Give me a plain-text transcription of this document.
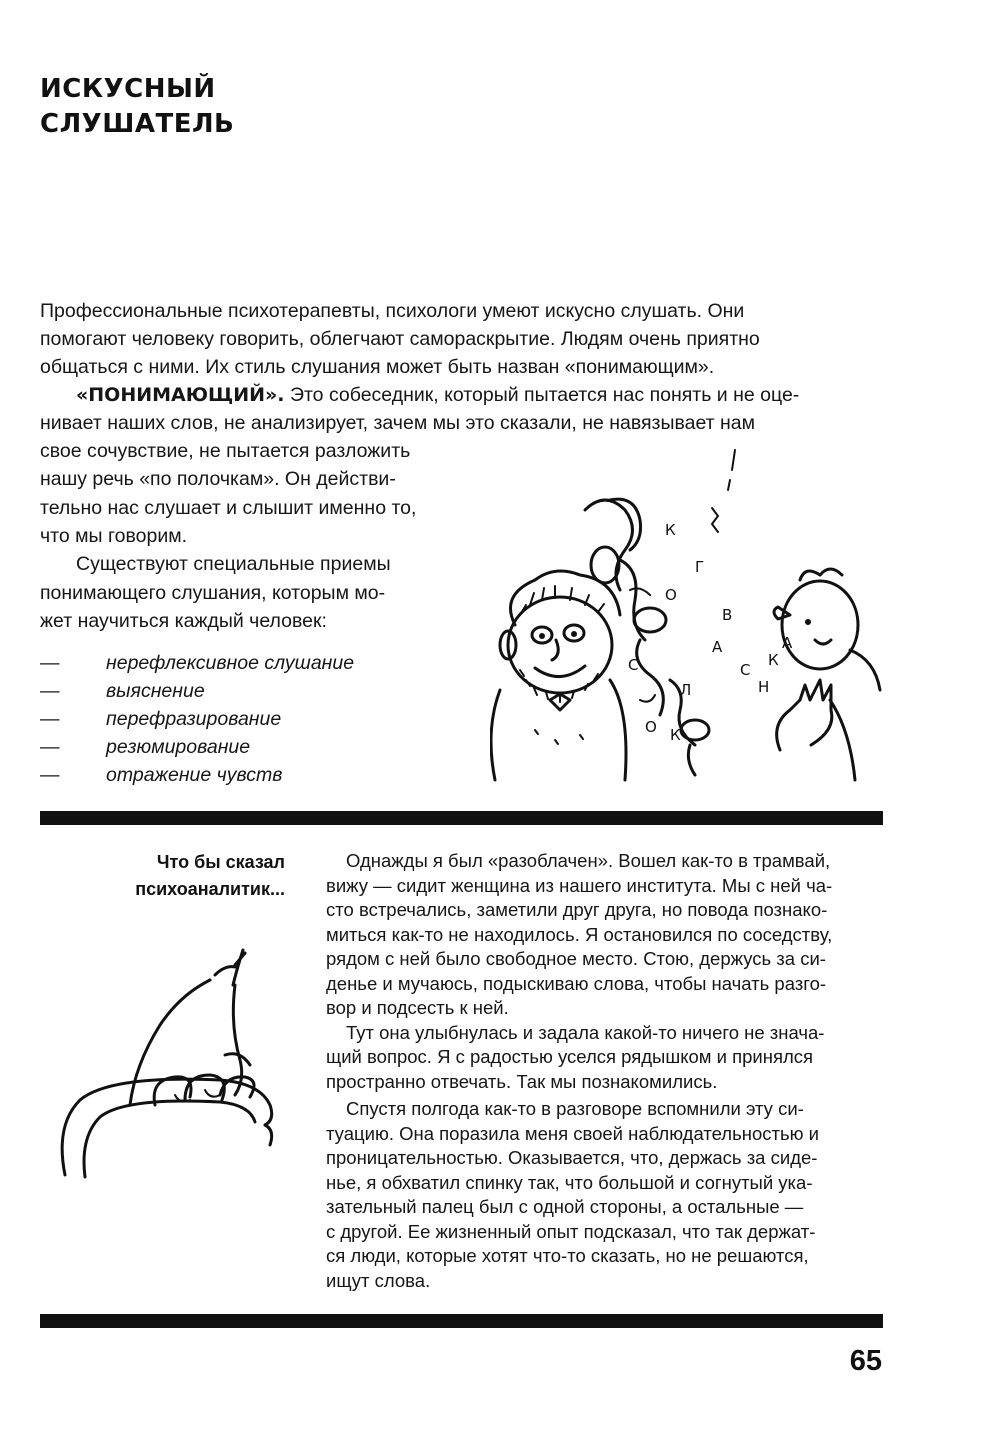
ИСКУСНЫЙ
СЛУШАТЕЛЬ
Профессиональные психотерапевты, психологи умеют искусно слушать. Они
помогают человеку говорить, облегчают самораскрытие. Людям очень приятно
общаться с ними. Их стиль слушания может быть назван «понимающим».
«ПОНИМАЮЩИЙ». Это собеседник, который пытается нас понять и не оце-
нивает наших слов, не анализирует, зачем мы это сказали, не навязывает нам
свое сочувствие, не пытается разложить
нашу речь «по полочкам». Он действи-
тельно нас слушает и слышит именно то,
что мы говорим.
Существуют специальные приемы
понимающего слушания, которым мо-
жет научиться каждый человек:
— нерефлексивное слушание
— выяснение
— перефразирование
— резюмирование
— отражение чувств
К
Г
В
С
А
О
Л
О
С
Н
К
К
А
Что бы сказал
психоаналитик...
Однажды я был «разоблачен». Вошел как-то в трамвай,
вижу — сидит женщина из нашего института. Мы с ней ча-
сто встречались, заметили друг друга, но повода познако-
миться как-то не находилось. Я остановился по соседству,
рядом с ней было свободное место. Стою, держусь за си-
денье и мучаюсь, подыскиваю слова, чтобы начать разго-
вор и подсесть к ней.
Тут она улыбнулась и задала какой-то ничего не знача-
щий вопрос. Я с радостью уселся рядышком и принялся
пространно отвечать. Так мы познакомились.
Спустя полгода как-то в разговоре вспомнили эту си-
туацию. Она поразила меня своей наблюдательностью и
проницательностью. Оказывается, что, держась за сиде-
нье, я обхватил спинку так, что большой и согнутый ука-
зательный палец был с одной стороны, а остальные —
с другой. Ее жизненный опыт подсказал, что так держат-
ся люди, которые хотят что-то сказать, но не решаются,
ищут слова.
65
